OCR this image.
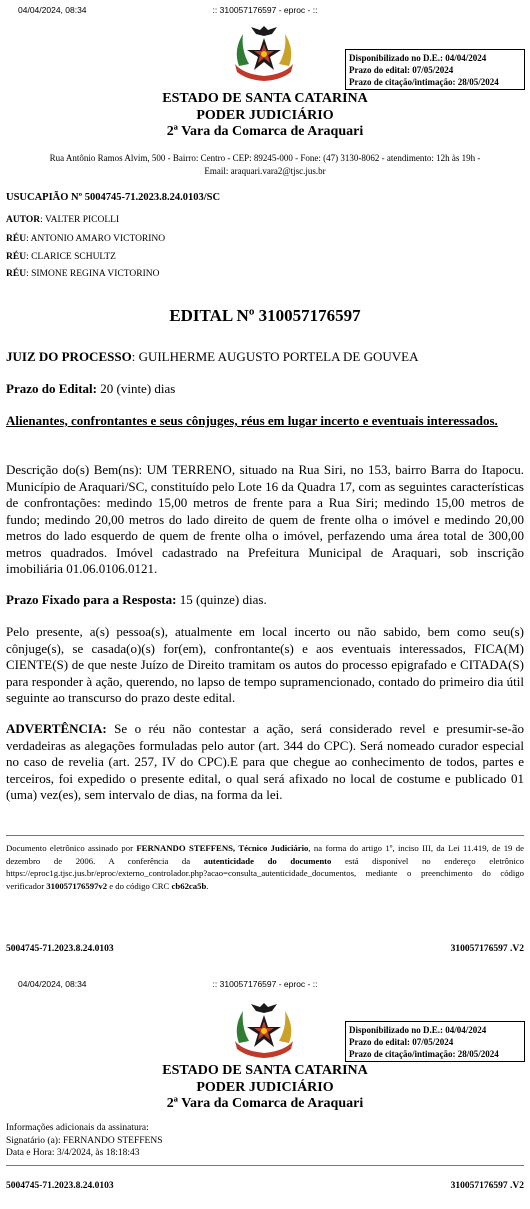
04/04/2024, 08:34	:: 310057176597 - eproc - ::
Disponibilizado no D.E.: 04/04/2024
Prazo do edital: 07/05/2024
Prazo de citação/intimação: 28/05/2024
ESTADO DE SANTA CATARINA
PODER JUDICIÁRIO
2ª Vara da Comarca de Araquari
Rua Antônio Ramos Alvim, 500 - Bairro: Centro - CEP: 89245-000 - Fone: (47) 3130-8062 - atendimento: 12h às 19h -
Email: araquari.vara2@tjsc.jus.br
USUCAPIÃO Nº 5004745-71.2023.8.24.0103/SC
AUTOR: VALTER PICOLLI
RÉU: ANTONIO AMARO VICTORINO
RÉU: CLARICE SCHULTZ
RÉU: SIMONE REGINA VICTORINO
EDITAL Nº 310057176597
JUIZ DO PROCESSO: GUILHERME AUGUSTO PORTELA DE GOUVEA
Prazo do Edital: 20 (vinte) dias
Alienantes, confrontantes e seus cônjuges, réus em lugar incerto e eventuais interessados.
Descrição do(s) Bem(ns): UM TERRENO, situado na Rua Siri, no 153, bairro Barra do Itapocu. Município de Araquari/SC, constituído pelo Lote 16 da Quadra 17, com as seguintes características de confrontações: medindo 15,00 metros de frente para a Rua Siri; medindo 15,00 metros de fundo; medindo 20,00 metros do lado direito de quem de frente olha o imóvel e medindo 20,00 metros do lado esquerdo de quem de frente olha o imóvel, perfazendo uma área total de 300,00 metros quadrados. Imóvel cadastrado na Prefeitura Municipal de Araquari, sob inscrição imobiliária 01.06.0106.0121.
Prazo Fixado para a Resposta: 15 (quinze) dias.
Pelo presente, a(s) pessoa(s), atualmente em local incerto ou não sabido, bem como seu(s) cônjuge(s), se casada(o)(s) for(em), confrontante(s) e aos eventuais interessados, FICA(M) CIENTE(S) de que neste Juízo de Direito tramitam os autos do processo epigrafado e CITADA(S) para responder à ação, querendo, no lapso de tempo supramencionado, contado do primeiro dia útil seguinte ao transcurso do prazo deste edital.
ADVERTÊNCIA: Se o réu não contestar a ação, será considerado revel e presumir-se-ão verdadeiras as alegações formuladas pelo autor (art. 344 do CPC). Será nomeado curador especial no caso de revelia (art. 257, IV do CPC).E para que chegue ao conhecimento de todos, partes e terceiros, foi expedido o presente edital, o qual será afixado no local de costume e publicado 01 (uma) vez(es), sem intervalo de dias, na forma da lei.
Documento eletrônico assinado por FERNANDO STEFFENS, Técnico Judiciário, na forma do artigo 1º, inciso III, da Lei 11.419, de 19 de dezembro de 2006. A conferência da autenticidade do documento está disponível no endereço eletrônico https://eproc1g.tjsc.jus.br/eproc/externo_controlador.php?acao=consulta_autenticidade_documentos, mediante o preenchimento do código verificador 310057176597v2 e do código CRC cb62ca5b.
5004745-71.2023.8.24.0103	310057176597 .V2
04/04/2024, 08:34	:: 310057176597 - eproc - ::
Disponibilizado no D.E.: 04/04/2024
Prazo do edital: 07/05/2024
Prazo de citação/intimação: 28/05/2024
ESTADO DE SANTA CATARINA
PODER JUDICIÁRIO
2ª Vara da Comarca de Araquari
Informações adicionais da assinatura:
Signatário (a): FERNANDO STEFFENS
Data e Hora: 3/4/2024, às 18:18:43
5004745-71.2023.8.24.0103	310057176597 .V2
